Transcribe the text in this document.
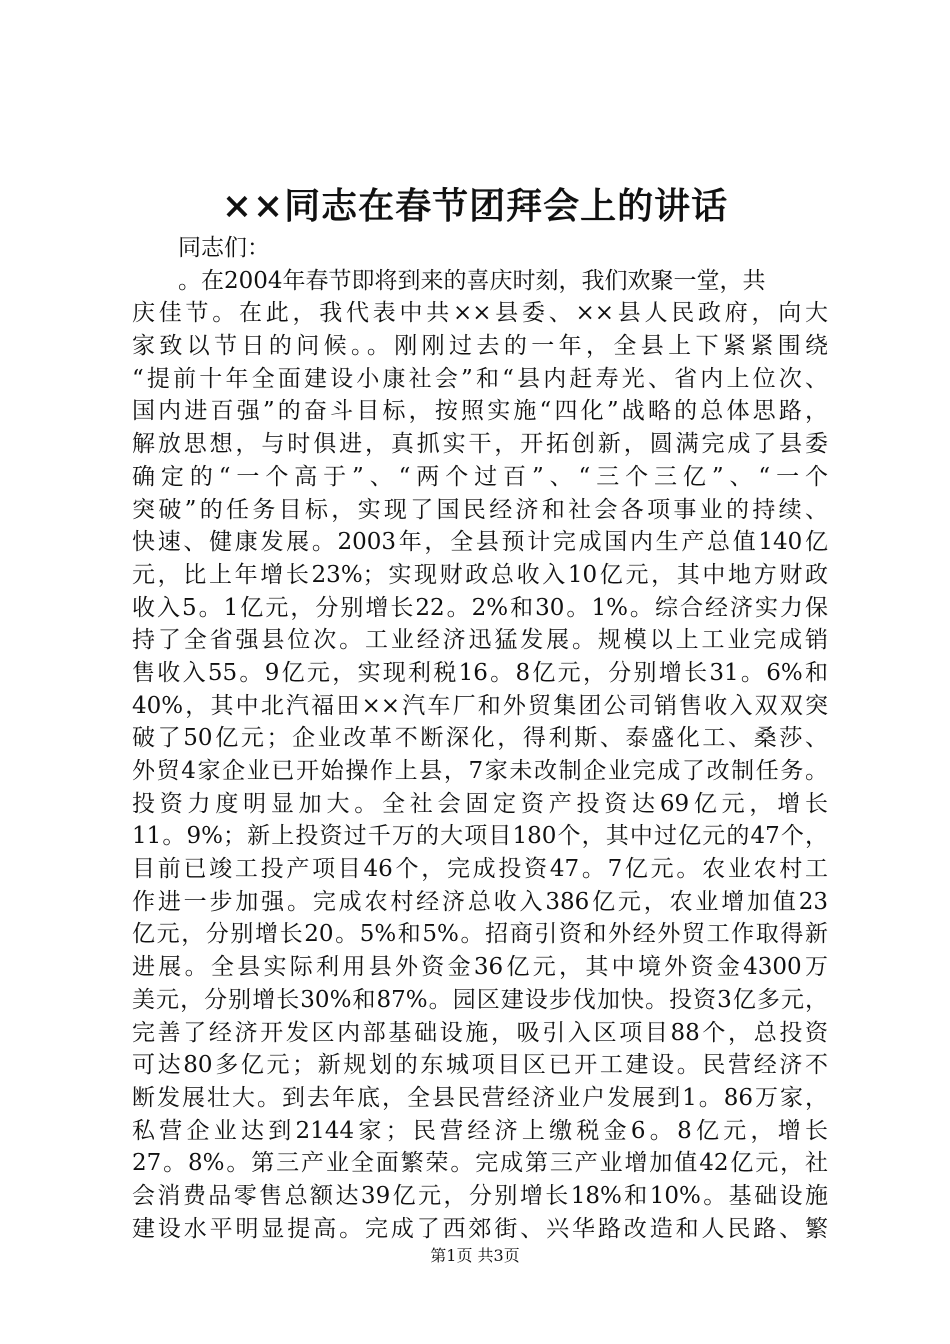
××同志在春节团拜会上的讲话
同志们：
。在2004年春节即将到来的喜庆时刻，我们欢聚一堂，共
庆佳节。在此，我代表中共××县委、××县人民政府，向大
家致以节日的问候。。刚刚过去的一年，全县上下紧紧围绕
“提前十年全面建设小康社会”和“县内赶寿光、省内上位次、
国内进百强”的奋斗目标，按照实施“四化”战略的总体思路，
解放思想，与时俱进，真抓实干，开拓创新，圆满完成了县委
确定的“一个高于”、“两个过百”、“三个三亿”、“一个
突破”的任务目标，实现了国民经济和社会各项事业的持续、
快速、健康发展。2003年，全县预计完成国内生产总值140亿
元，比上年增长23%；实现财政总收入10亿元，其中地方财政
收入5。1亿元，分别增长22。2%和30。1%。综合经济实力保
持了全省强县位次。工业经济迅猛发展。规模以上工业完成销
售收入55。9亿元，实现利税16。8亿元，分别增长31。6%和
40%，其中北汽福田××汽车厂和外贸集团公司销售收入双双突
破了50亿元；企业改革不断深化，得利斯、泰盛化工、桑莎、
外贸4家企业已开始操作上县，7家未改制企业完成了改制任务。
投资力度明显加大。全社会固定资产投资达69亿元，增长
11。9%；新上投资过千万的大项目180个，其中过亿元的47个，
目前已竣工投产项目46个，完成投资47。7亿元。农业农村工
作进一步加强。完成农村经济总收入386亿元，农业增加值23
亿元，分别增长20。5%和5%。招商引资和外经外贸工作取得新
进展。全县实际利用县外资金36亿元，其中境外资金4300万
美元，分别增长30%和87%。园区建设步伐加快。投资3亿多元，
完善了经济开发区内部基础设施，吸引入区项目88个，总投资
可达80多亿元；新规划的东城项目区已开工建设。民营经济不
断发展壮大。到去年底，全县民营经济业户发展到1。86万家，
私营企业达到2144家；民营经济上缴税金6。8亿元，增长
27。8%。第三产业全面繁荣。完成第三产业增加值42亿元，社
会消费品零售总额达39亿元，分别增长18%和10%。基础设施
建设水平明显提高。完成了西郊街、兴华路改造和人民路、繁
第1页 共3页
